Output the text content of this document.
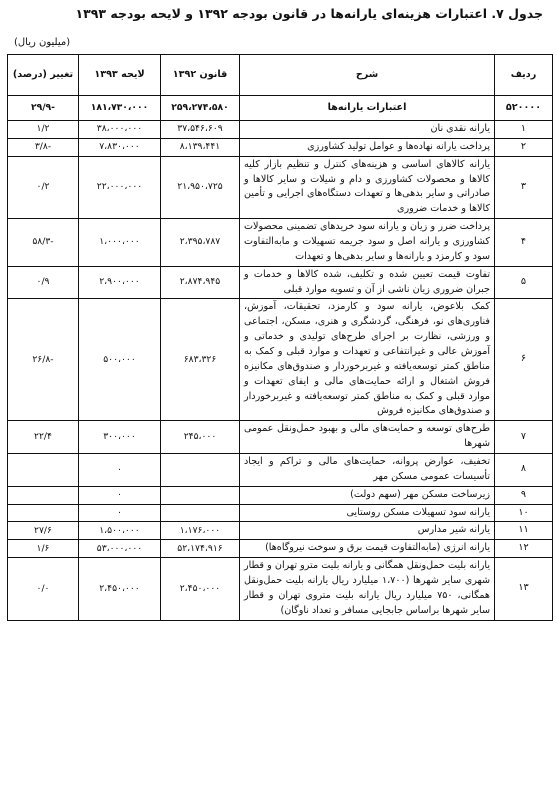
جدول ۷. اعتبارات هزینه‌ای یارانه‌ها در قانون بودجه ۱۳۹۲ و لایحه بودجه ۱۳۹۳
(میلیون ریال)
ردیف	شرح	قانون ۱۳۹۲	لایحه ۱۳۹۳	تغییر (درصد)
۵۲۰۰۰۰	اعتبارات یارانه‌ها	۲۵۹،۲۷۴،۵۸۰	۱۸۱،۷۳۰،۰۰۰	-۲۹/۹
۱	یارانه نقدی نان	۳۷،۵۴۶،۶۰۹	۳۸،۰۰۰،۰۰۰	۱/۲
۲	پرداخت یارانه نهاده‌ها و عوامل تولید کشاورزی	۸،۱۳۹،۴۴۱	۷،۸۳۰،۰۰۰	-۳/۸
۳	یارانه کالاهای اساسی و هزینه‌های کنترل و تنظیم بازار کلیه کالاها و محصولات کشاورزی و دام و شیلات و سایر کالاها و صادراتی و سایر بدهی‌ها و تعهدات دستگاه‌های اجرایی و تأمین کالاها و خدمات ضروری	۲۱،۹۵۰،۷۲۵	۲۲،۰۰۰،۰۰۰	۰/۲
۴	پرداخت ضرر و زیان و یارانه سود خریدهای تضمینی محصولات کشاورزی و یارانه اصل و سود جریمه تسهیلات و مابه‌التفاوت سود و کارمزد و یارانه‌ها و سایر بدهی‌ها و تعهدات	۲،۳۹۵،۷۸۷	۱،۰۰۰،۰۰۰	-۵۸/۳
۵	تفاوت قیمت تعیین شده و تکلیف، شده کالاها و خدمات و جبران ضروری زیان ناشی از آن و تسویه موارد قبلی	۲،۸۷۴،۹۴۵	۲،۹۰۰،۰۰۰	۰/۹
۶	کمک بلاعوض، یارانه سود و کارمزد، تحقیقات، آموزش، فناوری‌های نو، فرهنگی، گردشگری و هنری، مسکن، اجتماعی و ورزشی، نظارت بر اجرای طرح‌های تولیدی و خدماتی و آموزش عالی و غیرانتفاعی و تعهدات و موارد قبلی و کمک به مناطق کمتر توسعه‌یافته و غیربرخوردار و صندوق‌های مکانیزه فروش اشتغال و ارائه حمایت‌های مالی و ایفای تعهدات و موارد قبلی و کمک به مناطق کمتر توسعه‌یافته و غیربرخوردار و صندوق‌های مکانیزه فروش	۶۸۳،۳۲۶	۵۰۰،۰۰۰	-۲۶/۸
۷	طرح‌های توسعه و حمایت‌های مالی و بهبود حمل‌ونقل عمومی شهرها	۲۴۵،۰۰۰	۳۰۰،۰۰۰	۲۲/۴
۸	تخفیف، عوارض پروانه، حمایت‌های مالی و تراکم و ایجاد تأسیسات عمومی مسکن مهر		۰	
۹	زیرساخت مسکن مهر (سهم دولت)		۰	
۱۰	یارانه سود تسهیلات مسکن روستایی		۰	
۱۱	یارانه شیر مدارس	۱،۱۷۶،۰۰۰	۱،۵۰۰،۰۰۰	۲۷/۶
۱۲	یارانه انرژی (مابه‌التفاوت قیمت برق و سوخت نیروگاه‌ها)	۵۲،۱۷۴،۹۱۶	۵۳،۰۰۰،۰۰۰	۱/۶
۱۳	یارانه بلیت حمل‌ونقل همگانی و یارانه بلیت مترو تهران و قطار شهری سایر شهرها (۱،۷۰۰ میلیارد ریال یارانه بلیت حمل‌ونقل همگانی، ۷۵۰ میلیارد ریال یارانه بلیت متروی تهران و قطار سایر شهرها براساس جابجایی مسافر و تعداد ناوگان)	۲،۴۵۰،۰۰۰	۲،۴۵۰،۰۰۰	۰/۰
